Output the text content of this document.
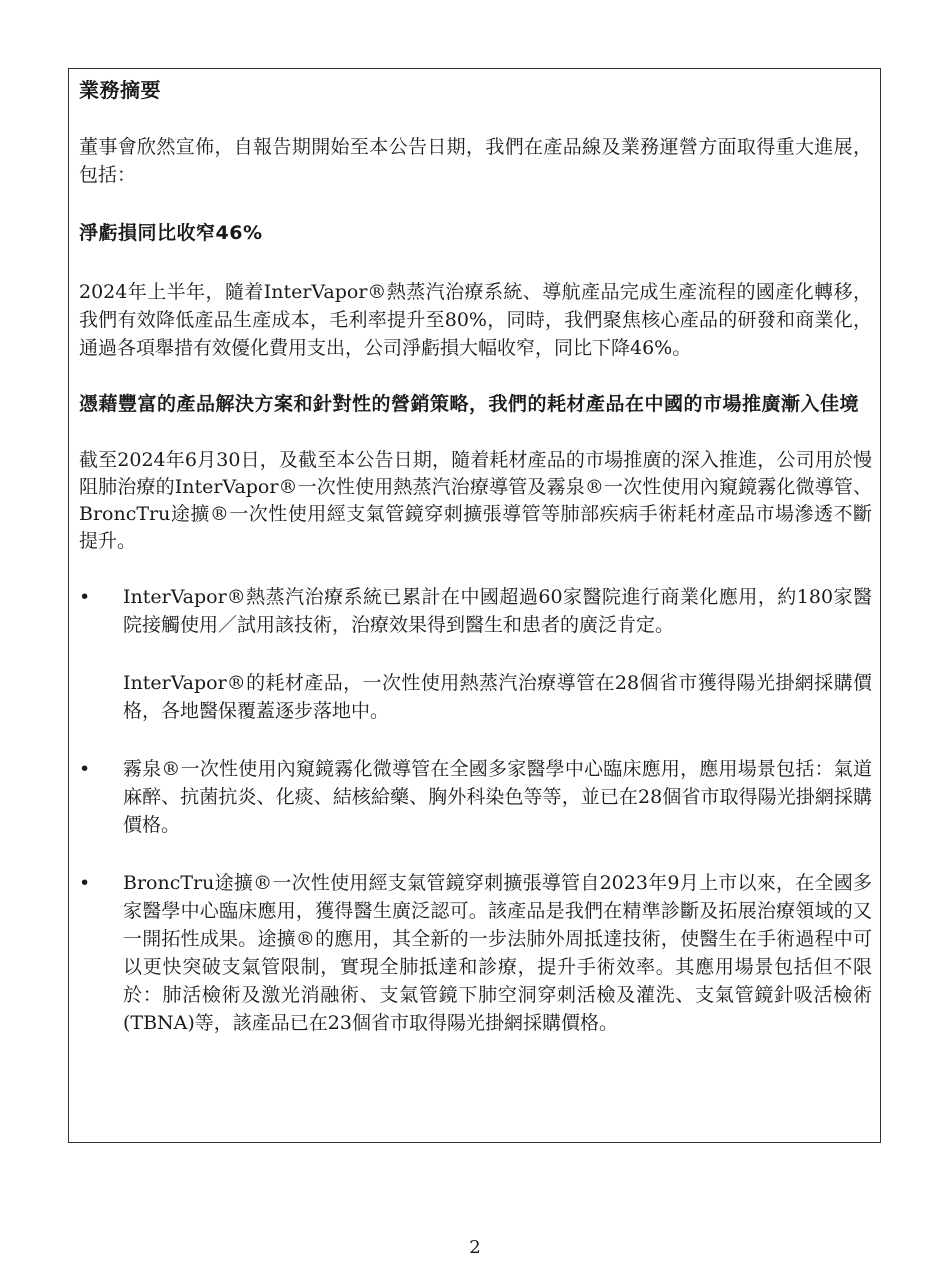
業務摘要

董事會欣然宣佈，自報告期開始至本公告日期，我們在產品線及業務運營方面取得重大進展，包括：

淨虧損同比收窄46%

2024年上半年，隨着InterVapor®熱蒸汽治療系統、導航產品完成生產流程的國產化轉移，我們有效降低產品生產成本，毛利率提升至80%，同時，我們聚焦核心產品的研發和商業化，通過各項舉措有效優化費用支出，公司淨虧損大幅收窄，同比下降46%。

憑藉豐富的產品解決方案和針對性的營銷策略，我們的耗材產品在中國的市場推廣漸入佳境

截至2024年6月30日，及截至本公告日期，隨着耗材產品的市場推廣的深入推進，公司用於慢阻肺治療的InterVapor®一次性使用熱蒸汽治療導管及霧泉®一次性使用內窺鏡霧化微導管、BroncTru途擴®一次性使用經支氣管鏡穿刺擴張導管等肺部疾病手術耗材產品市場滲透不斷提升。

• InterVapor®熱蒸汽治療系統已累計在中國超過60家醫院進行商業化應用，約180家醫院接觸使用／試用該技術，治療效果得到醫生和患者的廣泛肯定。

InterVapor®的耗材產品，一次性使用熱蒸汽治療導管在28個省市獲得陽光掛網採購價格，各地醫保覆蓋逐步落地中。

• 霧泉®一次性使用內窺鏡霧化微導管在全國多家醫學中心臨床應用，應用場景包括：氣道麻醉、抗菌抗炎、化痰、結核給藥、胸外科染色等等，並已在28個省市取得陽光掛網採購價格。

• BroncTru途擴®一次性使用經支氣管鏡穿刺擴張導管自2023年9月上市以來，在全國多家醫學中心臨床應用，獲得醫生廣泛認可。該產品是我們在精準診斷及拓展治療領域的又一開拓性成果。途擴®的應用，其全新的一步法肺外周抵達技術，使醫生在手術過程中可以更快突破支氣管限制，實現全肺抵達和診療，提升手術效率。其應用場景包括但不限於：肺活檢術及激光消融術、支氣管鏡下肺空洞穿刺活檢及灌洗、支氣管鏡針吸活檢術(TBNA)等，該產品已在23個省市取得陽光掛網採購價格。

2
